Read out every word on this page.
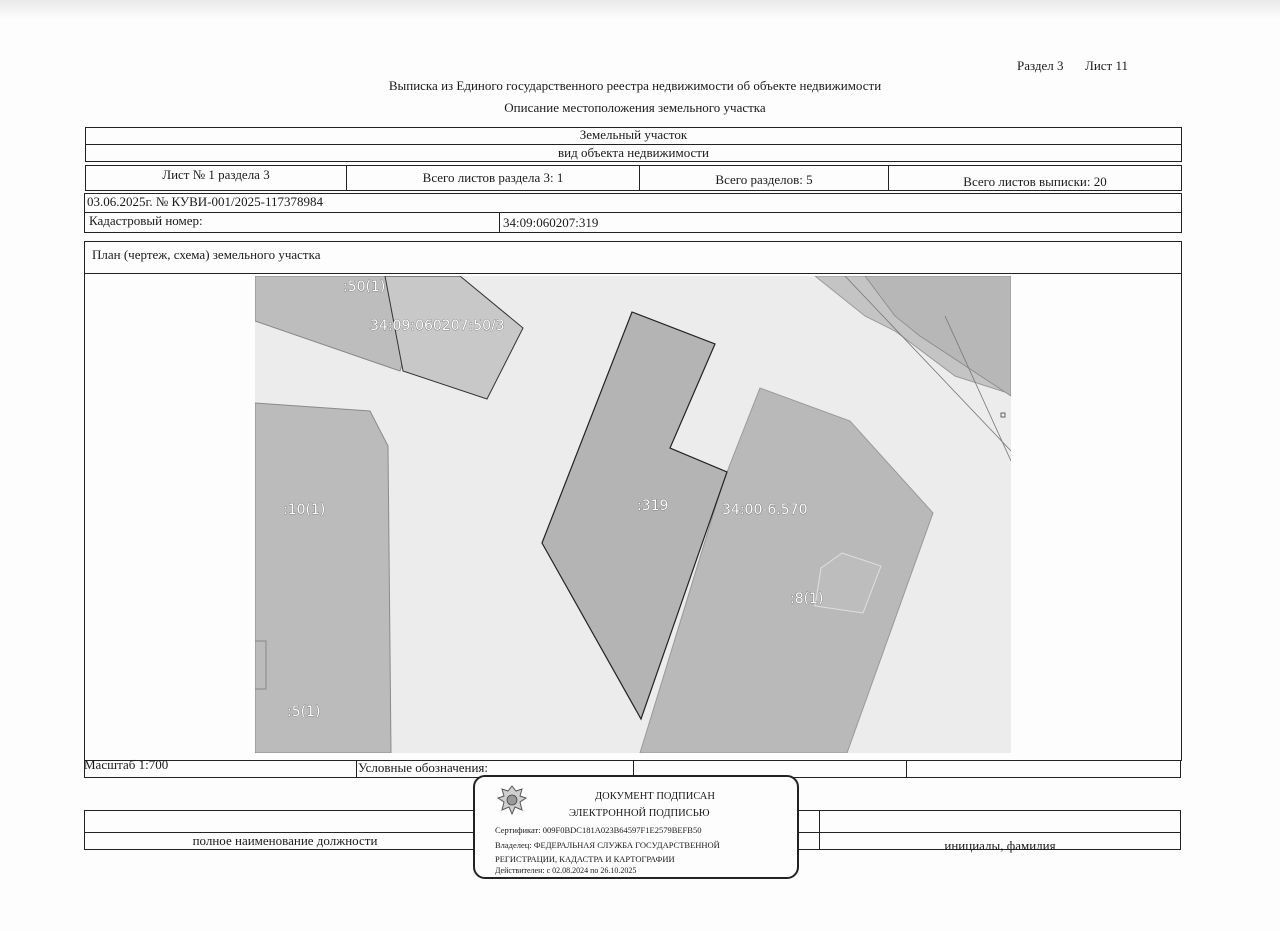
Раздел 3 Лист 11
Выписка из Единого государственного реестра недвижимости об объекте недвижимости
Описание местоположения земельного участка
Земельный участок
вид объекта недвижимости
Лист № 1 раздела 3	Всего листов раздела 3: 1	Всего разделов: 5	Всего листов выписки: 20
03.06.2025г. № КУВИ-001/2025-117378984
Кадастровый номер:	34:09:060207:319
План (чертеж, схема) земельного участка
:50(1)
34:09:060207:50/3
:10(1)	:319	34:00-6.570
:8(1)
:5(1)
Масштаб 1:700	Условные обозначения:
полное наименование должности	инициалы, фамилия
ДОКУМЕНТ ПОДПИСАН
ЭЛЕКТРОННОЙ ПОДПИСЬЮ
Сертификат: 009F0BDC181A023B64597F1E2579BEFB50
Владелец: ФЕДЕРАЛЬНАЯ СЛУЖБА ГОСУДАРСТВЕННОЙ
РЕГИСТРАЦИИ, КАДАСТРА И КАРТОГРАФИИ
Действителен: с 02.08.2024 по 26.10.2025
